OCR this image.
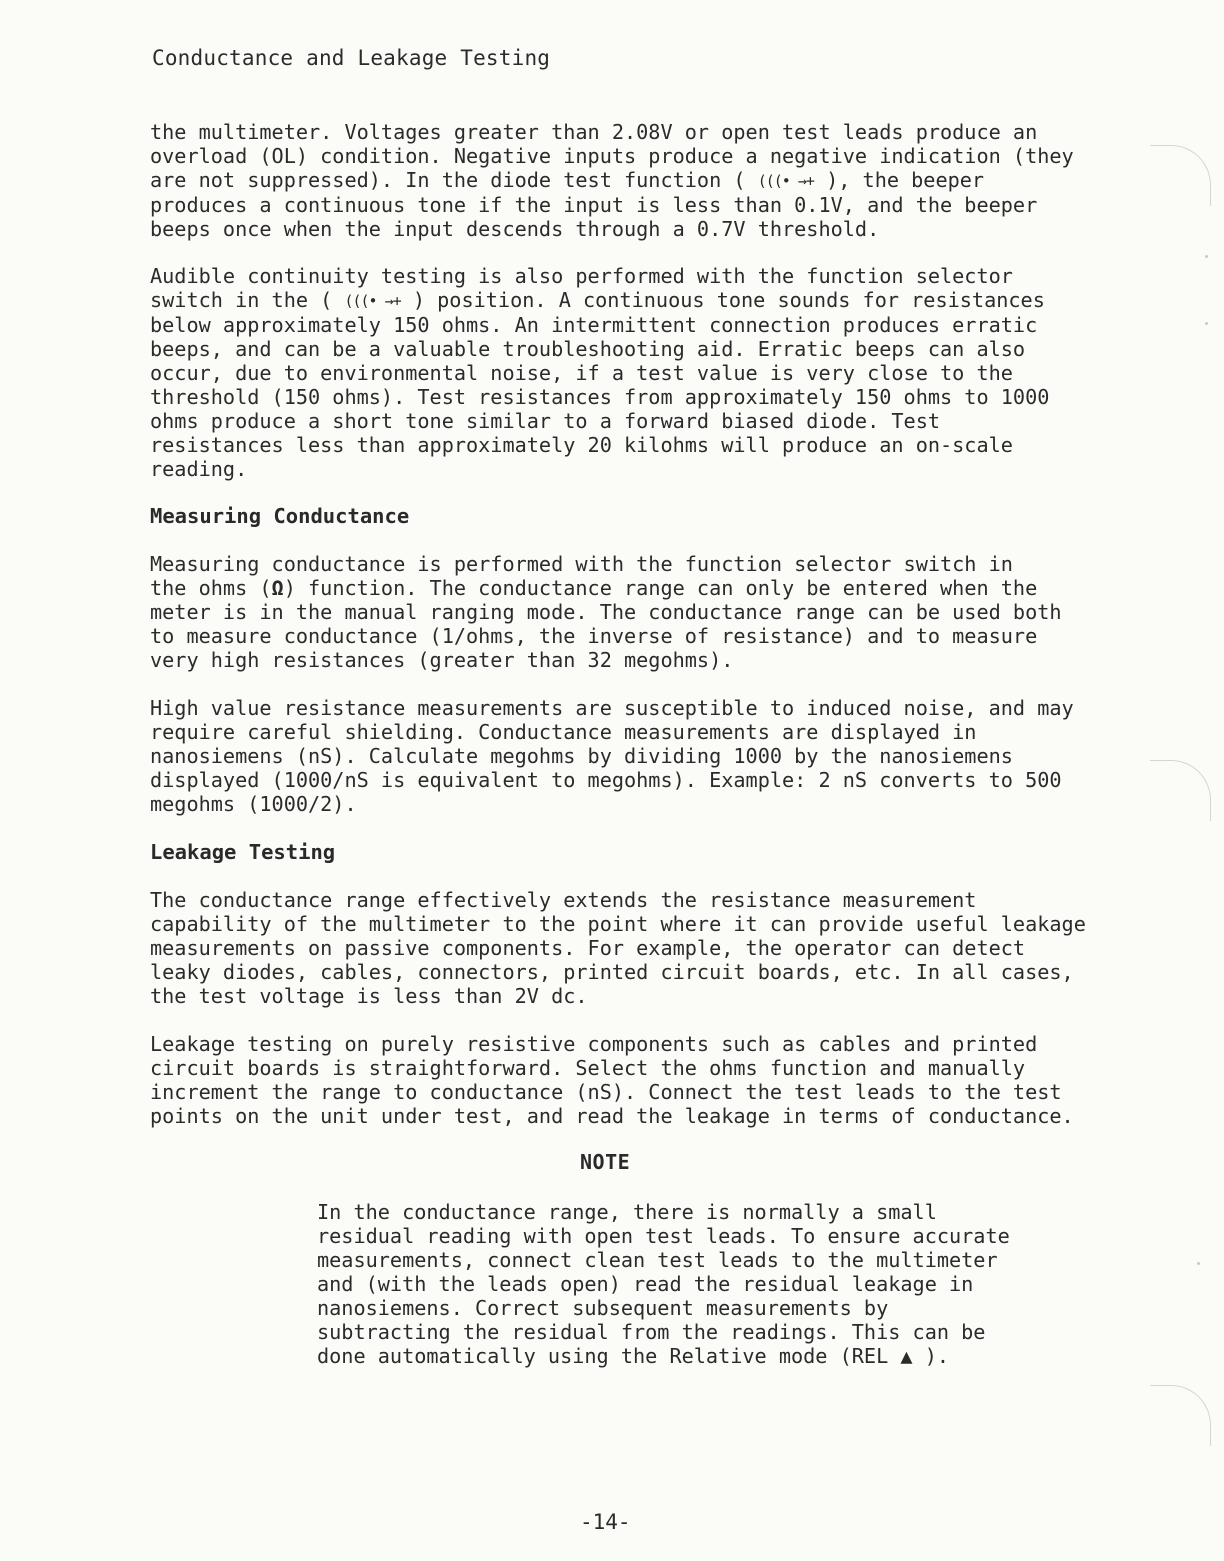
Conductance and Leakage Testing
the multimeter. Voltages greater than 2.08V or open test leads produce an
overload (OL) condition. Negative inputs produce a negative indication (they
are not suppressed). In the diode test function ( (((• →+ ), the beeper
produces a continuous tone if the input is less than 0.1V, and the beeper
beeps once when the input descends through a 0.7V threshold.
Audible continuity testing is also performed with the function selector
switch in the ( (((• →+ ) position. A continuous tone sounds for resistances
below approximately 150 ohms. An intermittent connection produces erratic
beeps, and can be a valuable troubleshooting aid. Erratic beeps can also
occur, due to environmental noise, if a test value is very close to the
threshold (150 ohms). Test resistances from approximately 150 ohms to 1000
ohms produce a short tone similar to a forward biased diode. Test
resistances less than approximately 20 kilohms will produce an on-scale
reading.
Measuring Conductance
Measuring conductance is performed with the function selector switch in
the ohms (Ω) function. The conductance range can only be entered when the
meter is in the manual ranging mode. The conductance range can be used both
to measure conductance (1/ohms, the inverse of resistance) and to measure
very high resistances (greater than 32 megohms).
High value resistance measurements are susceptible to induced noise, and may
require careful shielding. Conductance measurements are displayed in
nanosiemens (nS). Calculate megohms by dividing 1000 by the nanosiemens
displayed (1000/nS is equivalent to megohms). Example: 2 nS converts to 500
megohms (1000/2).
Leakage Testing
The conductance range effectively extends the resistance measurement
capability of the multimeter to the point where it can provide useful leakage
measurements on passive components. For example, the operator can detect
leaky diodes, cables, connectors, printed circuit boards, etc. In all cases,
the test voltage is less than 2V dc.
Leakage testing on purely resistive components such as cables and printed
circuit boards is straightforward. Select the ohms function and manually
increment the range to conductance (nS). Connect the test leads to the test
points on the unit under test, and read the leakage in terms of conductance.
NOTE
In the conductance range, there is normally a small
residual reading with open test leads. To ensure accurate
measurements, connect clean test leads to the multimeter
and (with the leads open) read the residual leakage in
nanosiemens. Correct subsequent measurements by
subtracting the residual from the readings. This can be
done automatically using the Relative mode (REL ▲ ).
-14-
